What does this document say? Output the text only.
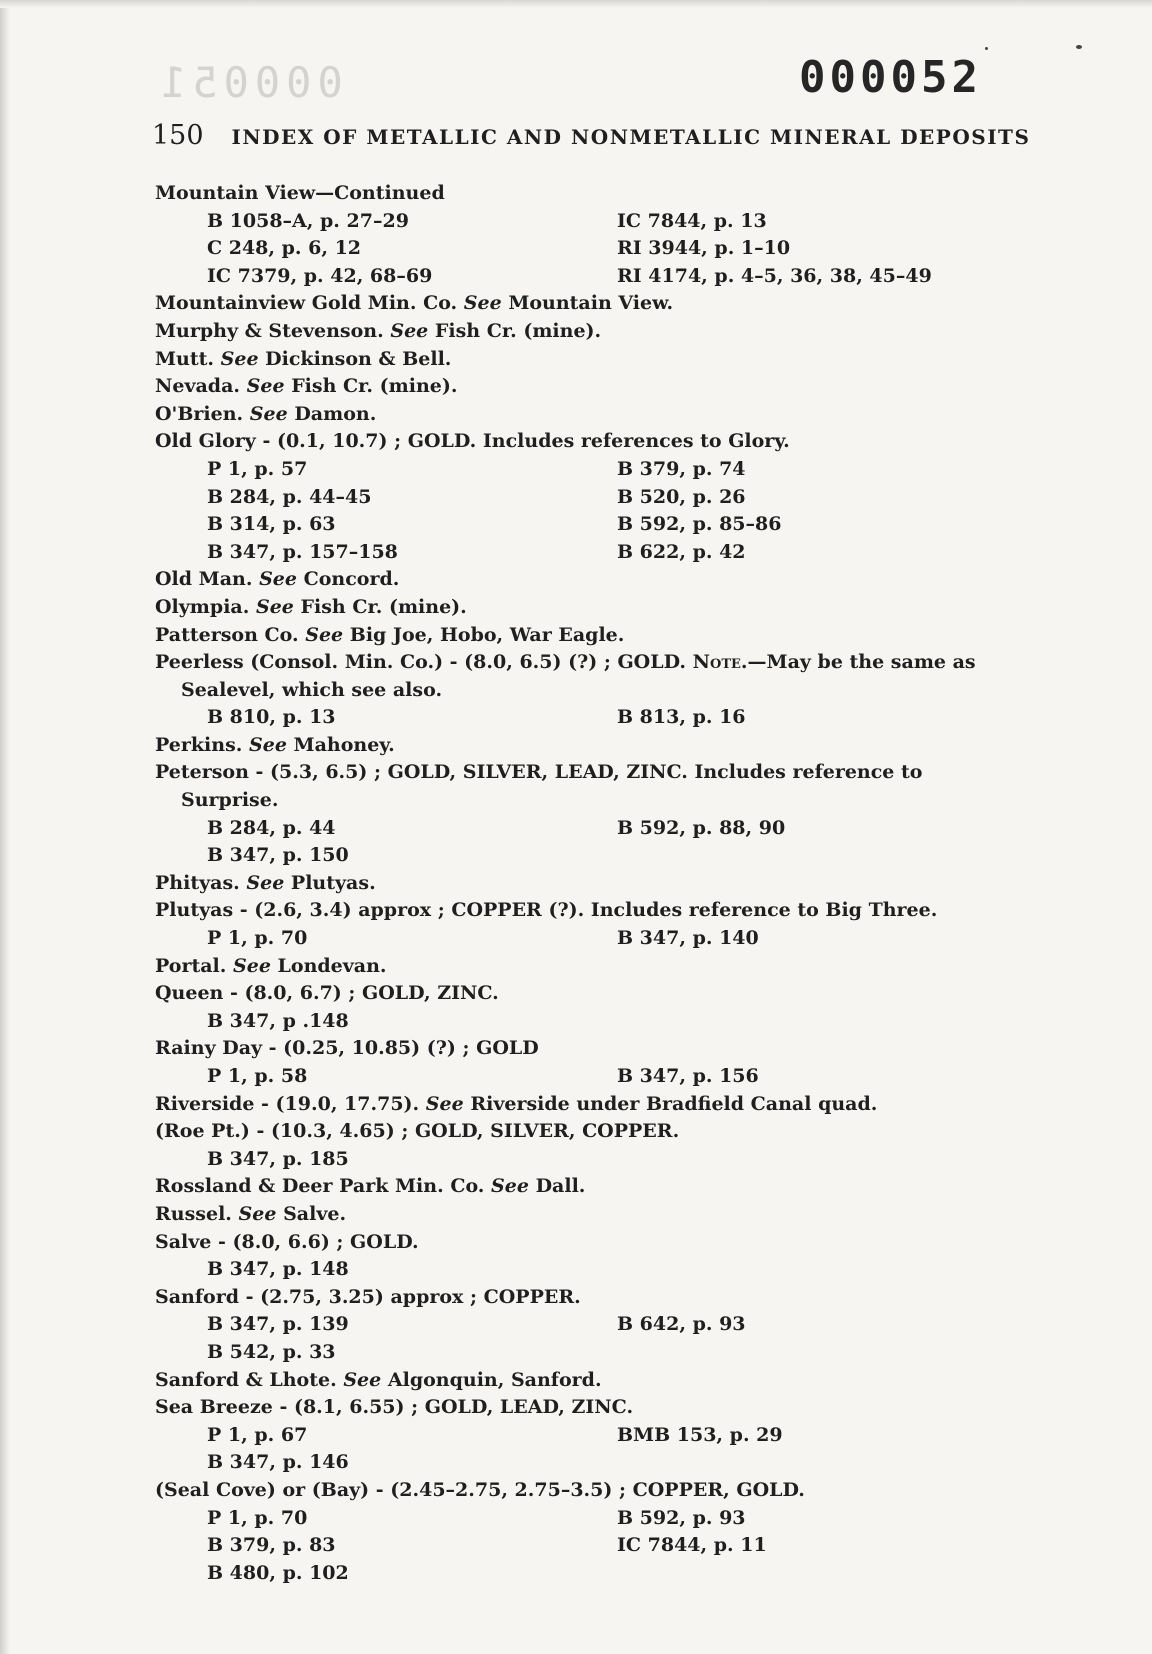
000051	000052
150 INDEX OF METALLIC AND NONMETALLIC MINERAL DEPOSITS
Mountain View—Continued
B 1058–A, p. 27–29	IC 7844, p. 13
C 248, p. 6, 12	RI 3944, p. 1–10
IC 7379, p. 42, 68–69	RI 4174, p. 4–5, 36, 38, 45–49
Mountainview Gold Min. Co. See Mountain View.
Murphy & Stevenson. See Fish Cr. (mine).
Mutt. See Dickinson & Bell.
Nevada. See Fish Cr. (mine).
O'Brien. See Damon.
Old Glory - (0.1, 10.7) ; GOLD. Includes references to Glory.
P 1, p. 57	B 379, p. 74
B 284, p. 44–45	B 520, p. 26
B 314, p. 63	B 592, p. 85–86
B 347, p. 157–158	B 622, p. 42
Old Man. See Concord.
Olympia. See Fish Cr. (mine).
Patterson Co. See Big Joe, Hobo, War Eagle.
Peerless (Consol. Min. Co.) - (8.0, 6.5) (?) ; GOLD. Note.—May be the same as
Sealevel, which see also.
B 810, p. 13	B 813, p. 16
Perkins. See Mahoney.
Peterson - (5.3, 6.5) ; GOLD, SILVER, LEAD, ZINC. Includes reference to
Surprise.
B 284, p. 44	B 592, p. 88, 90
B 347, p. 150
Phityas. See Plutyas.
Plutyas - (2.6, 3.4) approx ; COPPER (?). Includes reference to Big Three.
P 1, p. 70	B 347, p. 140
Portal. See Londevan.
Queen - (8.0, 6.7) ; GOLD, ZINC.
B 347, p .148
Rainy Day - (0.25, 10.85) (?) ; GOLD
P 1, p. 58	B 347, p. 156
Riverside - (19.0, 17.75). See Riverside under Bradfield Canal quad.
(Roe Pt.) - (10.3, 4.65) ; GOLD, SILVER, COPPER.
B 347, p. 185
Rossland & Deer Park Min. Co. See Dall.
Russel. See Salve.
Salve - (8.0, 6.6) ; GOLD.
B 347, p. 148
Sanford - (2.75, 3.25) approx ; COPPER.
B 347, p. 139	B 642, p. 93
B 542, p. 33
Sanford & Lhote. See Algonquin, Sanford.
Sea Breeze - (8.1, 6.55) ; GOLD, LEAD, ZINC.
P 1, p. 67	BMB 153, p. 29
B 347, p. 146
(Seal Cove) or (Bay) - (2.45–2.75, 2.75–3.5) ; COPPER, GOLD.
P 1, p. 70	B 592, p. 93
B 379, p. 83	IC 7844, p. 11
B 480, p. 102
